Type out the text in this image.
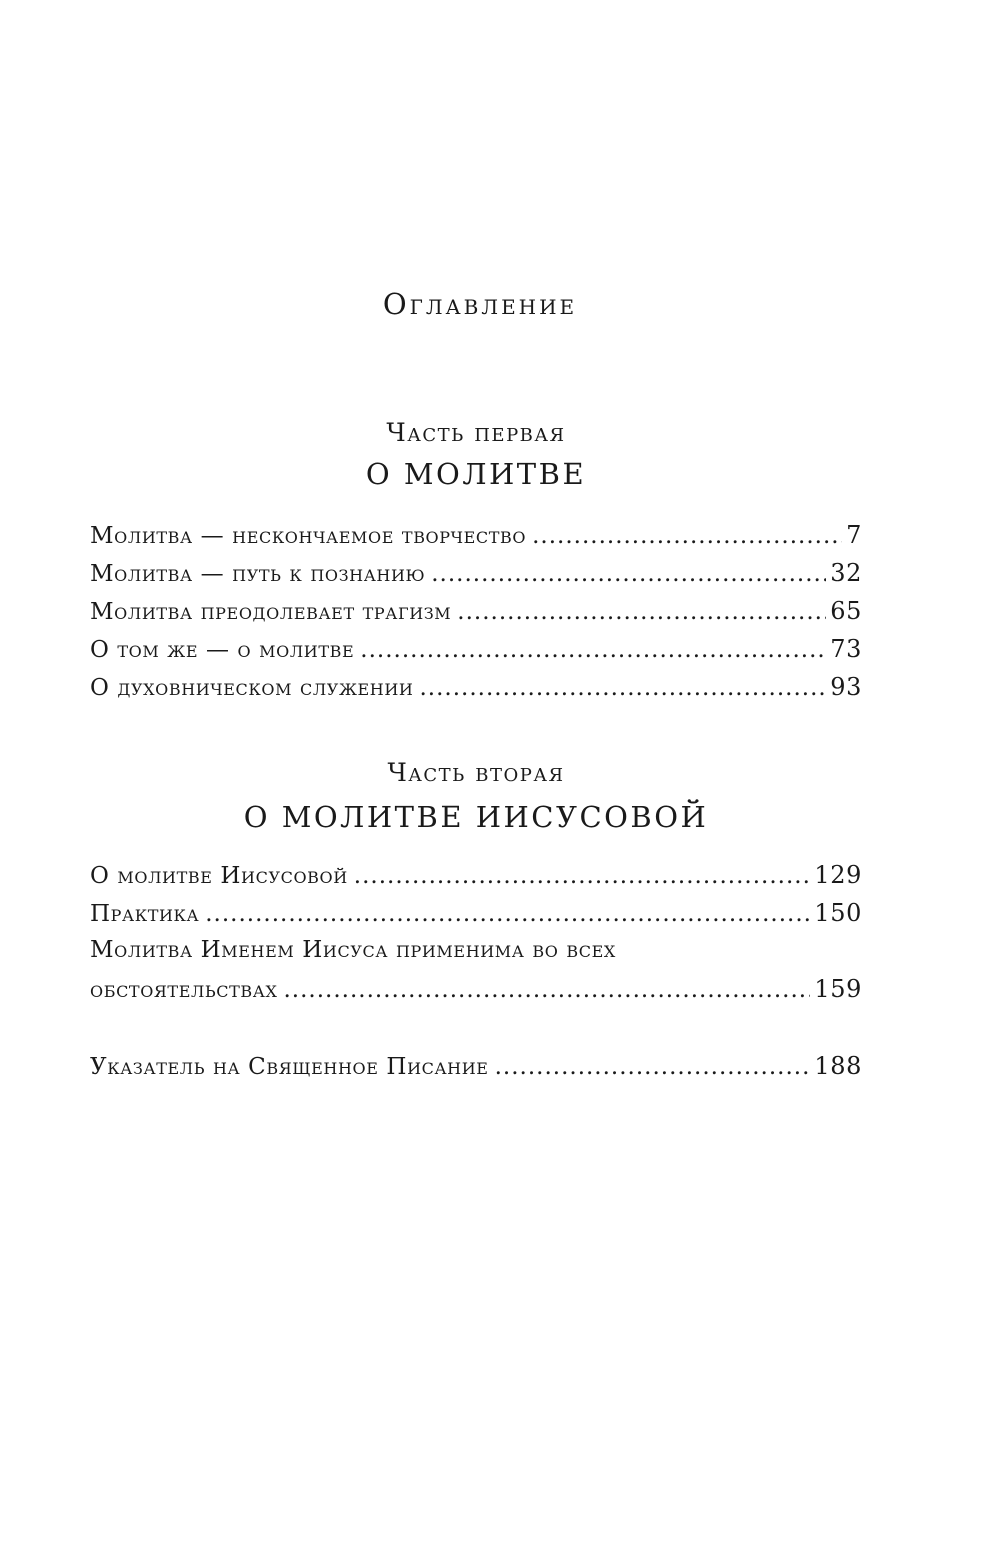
Оглавление
Часть первая
О МОЛИТВЕ
Молитва — нескончаемое творчество .....	7
Молитва — путь к познанию .....	32
Молитва преодолевает трагизм .....	65
О том же — о молитве .....	73
О духовническом служении .....	93
Часть вторая
О МОЛИТВЕ ИИСУСОВОЙ
О молитве Иисусовой .....	129
Практика .....	150
Молитва Именем Иисуса применима во всех
обстоятельствах .....	159
Указатель на Священное Писание .....	188
